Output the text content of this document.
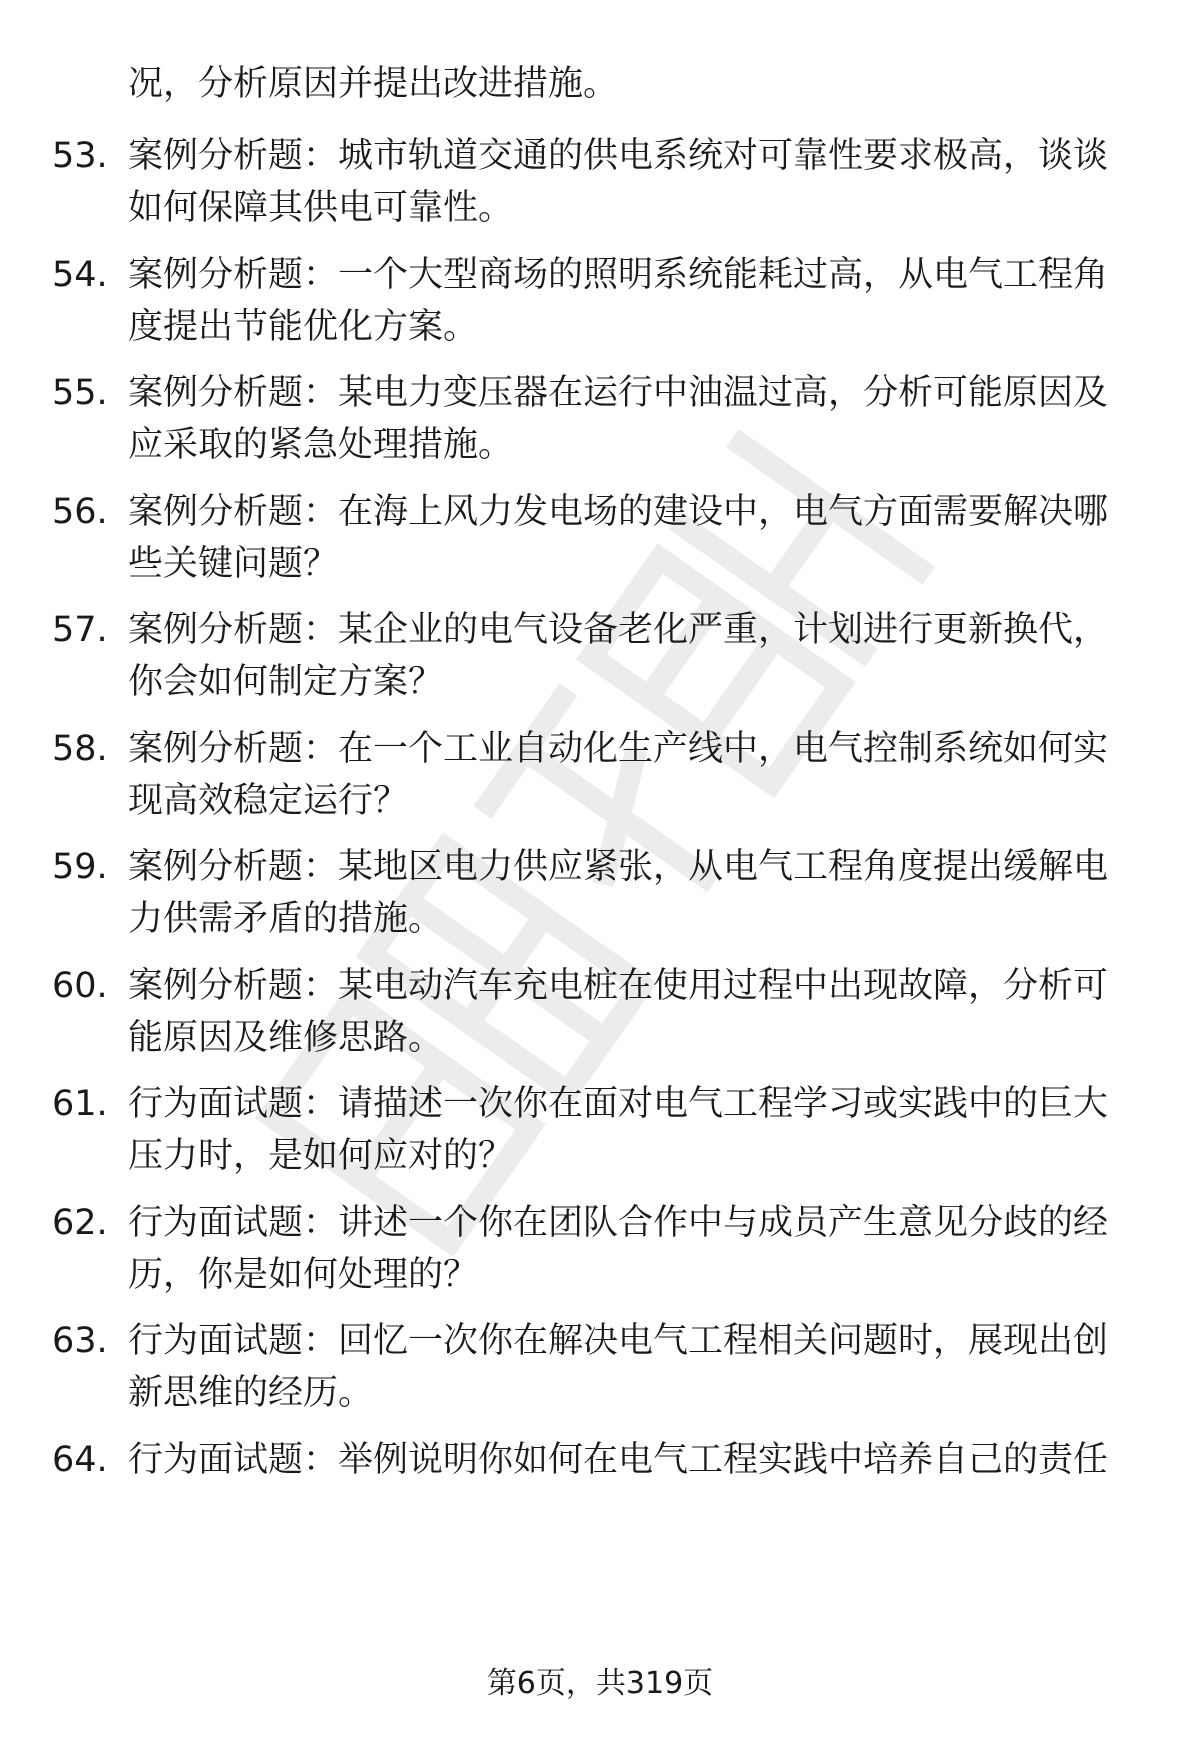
况，分析原因并提出改进措施。
53. 案例分析题：城市轨道交通的供电系统对可靠性要求极高，谈谈
如何保障其供电可靠性。
54. 案例分析题：一个大型商场的照明系统能耗过高，从电气工程角
度提出节能优化方案。
55. 案例分析题：某电力变压器在运行中油温过高，分析可能原因及
应采取的紧急处理措施。
56. 案例分析题：在海上风力发电场的建设中，电气方面需要解决哪
些关键问题？
57. 案例分析题：某企业的电气设备老化严重，计划进行更新换代，
你会如何制定方案？
58. 案例分析题：在一个工业自动化生产线中，电气控制系统如何实
现高效稳定运行？
59. 案例分析题：某地区电力供应紧张，从电气工程角度提出缓解电
力供需矛盾的措施。
60. 案例分析题：某电动汽车充电桩在使用过程中出现故障，分析可
能原因及维修思路。
61. 行为面试题：请描述一次你在面对电气工程学习或实践中的巨大
压力时，是如何应对的？
62. 行为面试题：讲述一个你在团队合作中与成员产生意见分歧的经
历，你是如何处理的？
63. 行为面试题：回忆一次你在解决电气工程相关问题时，展现出创
新思维的经历。
64. 行为面试题：举例说明你如何在电气工程实践中培养自己的责任
第6页，共319页
